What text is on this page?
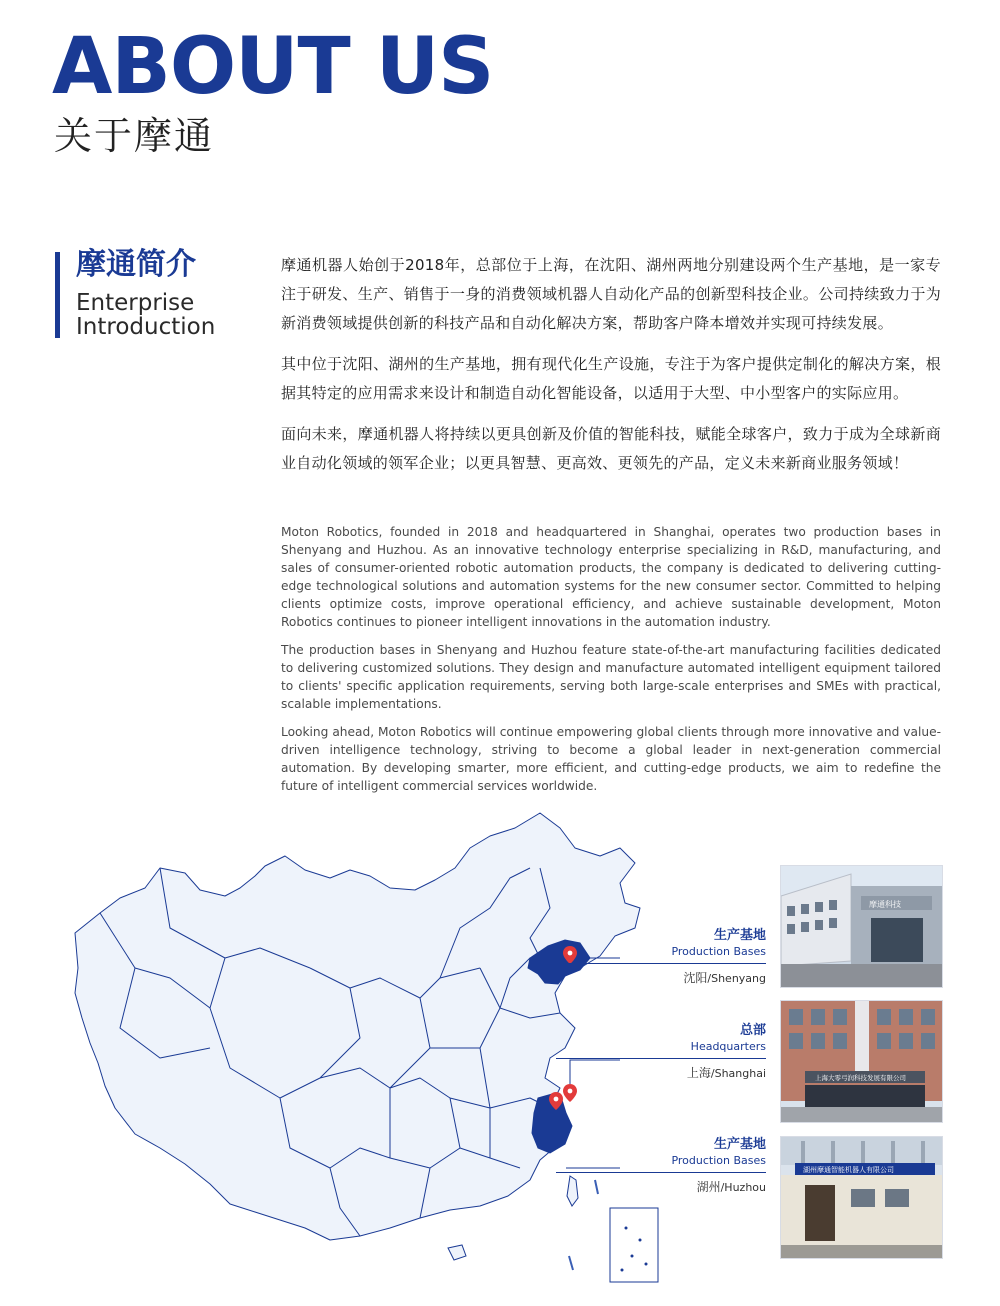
ABOUT US
关于摩通
摩通简介
Enterprise Introduction

摩通机器人始创于2018年，总部位于上海，在沈阳、湖州两地分别建设两个生产基地，是一家专注于研发、生产、销售于一身的消费领域机器人自动化产品的创新型科技企业。公司持续致力于为新消费领域提供创新的科技产品和自动化解决方案，帮助客户降本增效并实现可持续发展。

其中位于沈阳、湖州的生产基地，拥有现代化生产设施，专注于为客户提供定制化的解决方案，根据其特定的应用需求来设计和制造自动化智能设备，以适用于大型、中小型客户的实际应用。

面向未来，摩通机器人将持续以更具创新及价值的智能科技，赋能全球客户，致力于成为全球新商业自动化领域的领军企业；以更具智慧、更高效、更领先的产品，定义未来新商业服务领域！

Moton Robotics, founded in 2018 and headquartered in Shanghai, operates two production bases in Shenyang and Huzhou. As an innovative technology enterprise specializing in R&D, manufacturing, and sales of consumer-oriented robotic automation products, the company is dedicated to delivering cutting-edge technological solutions and automation systems for the new consumer sector. Committed to helping clients optimize costs, improve operational efficiency, and achieve sustainable development, Moton Robotics continues to pioneer intelligent innovations in the automation industry.

The production bases in Shenyang and Huzhou feature state-of-the-art manufacturing facilities dedicated to delivering customized solutions. They design and manufacture automated intelligent equipment tailored to clients' specific application requirements, serving both large-scale enterprises and SMEs with practical, scalable implementations.

Looking ahead, Moton Robotics will continue empowering global clients through more innovative and value-driven intelligence technology, striving to become a global leader in next-generation commercial automation. By developing smarter, more efficient, and cutting-edge products, we aim to redefine the future of intelligent commercial services worldwide.

生产基地
Production Bases
沈阳/Shenyang
总部
Headquarters
上海/Shanghai
生产基地
Production Bases
湖州/Huzhou
摩通科技
上海大零弓润科技发展有限公司
湖州摩通智能机器人有限公司
